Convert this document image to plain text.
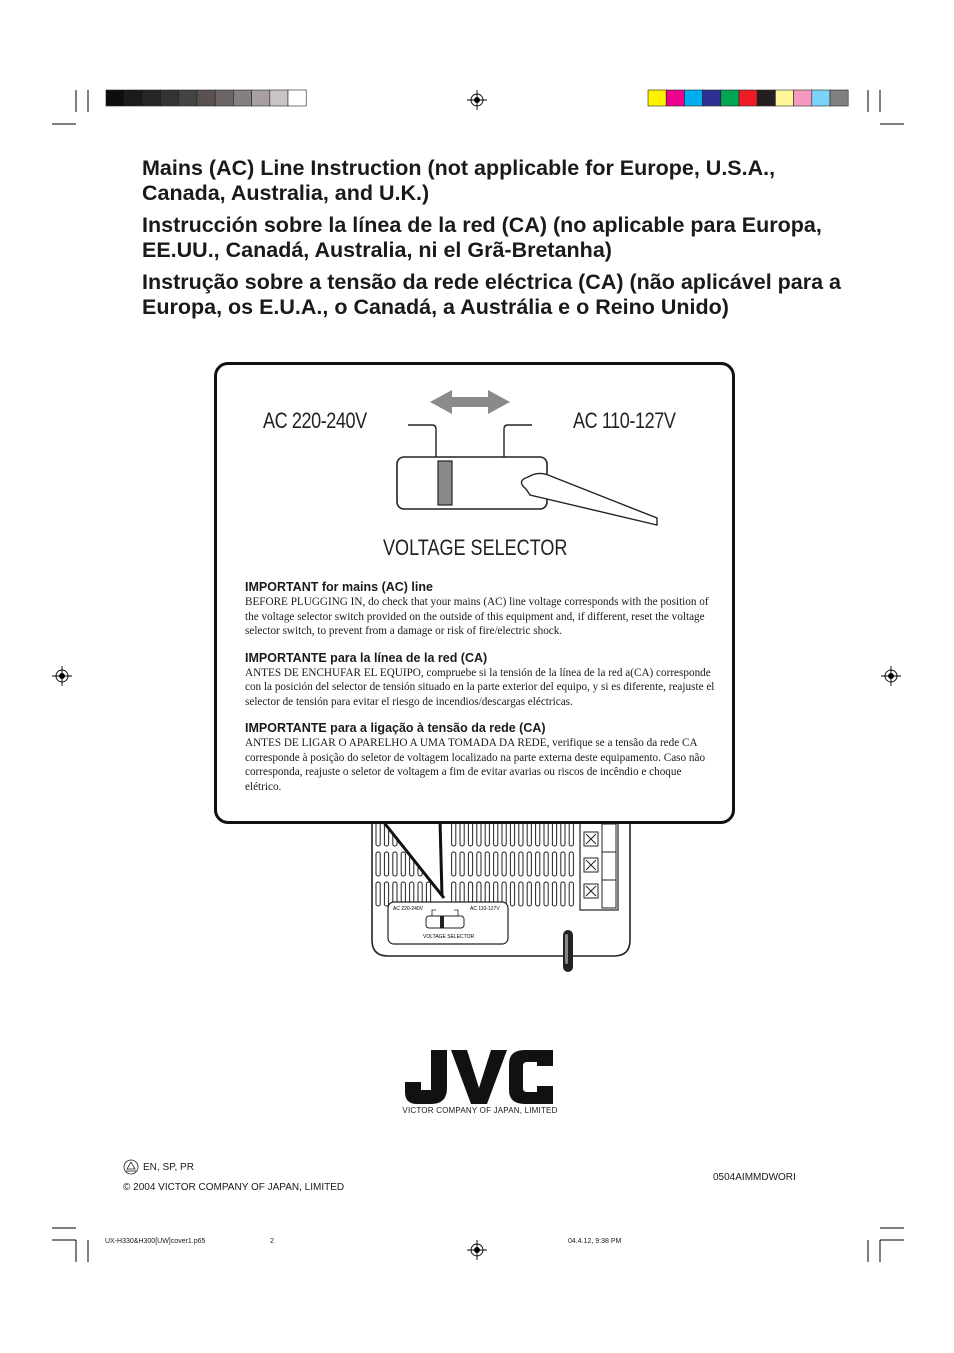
Mains (AC) Line Instruction (not applicable for Europe, U.S.A., Canada, Australia, and U.K.)

Instrucción sobre la línea de la red (CA) (no aplicable para Europa, EE.UU., Canadá, Australia, ni el Grã-Bretanha)

Instrução sobre a tensão da rede eléctrica (CA) (não aplicável para a Europa, os E.U.A., o Canadá, a Austrália e o Reino Unido)

AC 220-240V	AC 110-127V
VOLTAGE SELECTOR
AC 220-240V	AC 110-127V
VOLTAGE SELECTOR

IMPORTANT for mains (AC) line

BEFORE PLUGGING IN, do check that your mains (AC) line voltage corresponds with the position of the voltage selector switch provided on the outside of this equipment and, if different, reset the voltage selector switch, to prevent from a damage or risk of fire/electric shock.

IMPORTANTE para la línea de la red (CA)

ANTES DE ENCHUFAR EL EQUIPO, compruebe si la tensión de la línea de la red a(CA) corresponde con la posición del selector de tensión situado en la parte exterior del equipo, y si es diferente, reajuste el selector de tensión para evitar el riesgo de incendios/descargas eléctricas.

IMPORTANTE para a ligação à tensão da rede (CA)

ANTES DE LIGAR O APARELHO A UMA TOMADA DA REDE, verifique se a tensão da rede CA corresponde à posição do seletor de voltagem localizado na parte externa deste equipamento. Caso não corresponda, reajuste o seletor de voltagem a fim de evitar avarias ou riscos de incêndio e choque elétrico.

VICTOR COMPANY OF JAPAN, LIMITED
EN, SP, PR
© 2004 VICTOR COMPANY OF JAPAN, LIMITED
0504AIMMDWORI
UX-H330&H300[UW]cover1.p65	2	04.4.12, 9:38 PM
